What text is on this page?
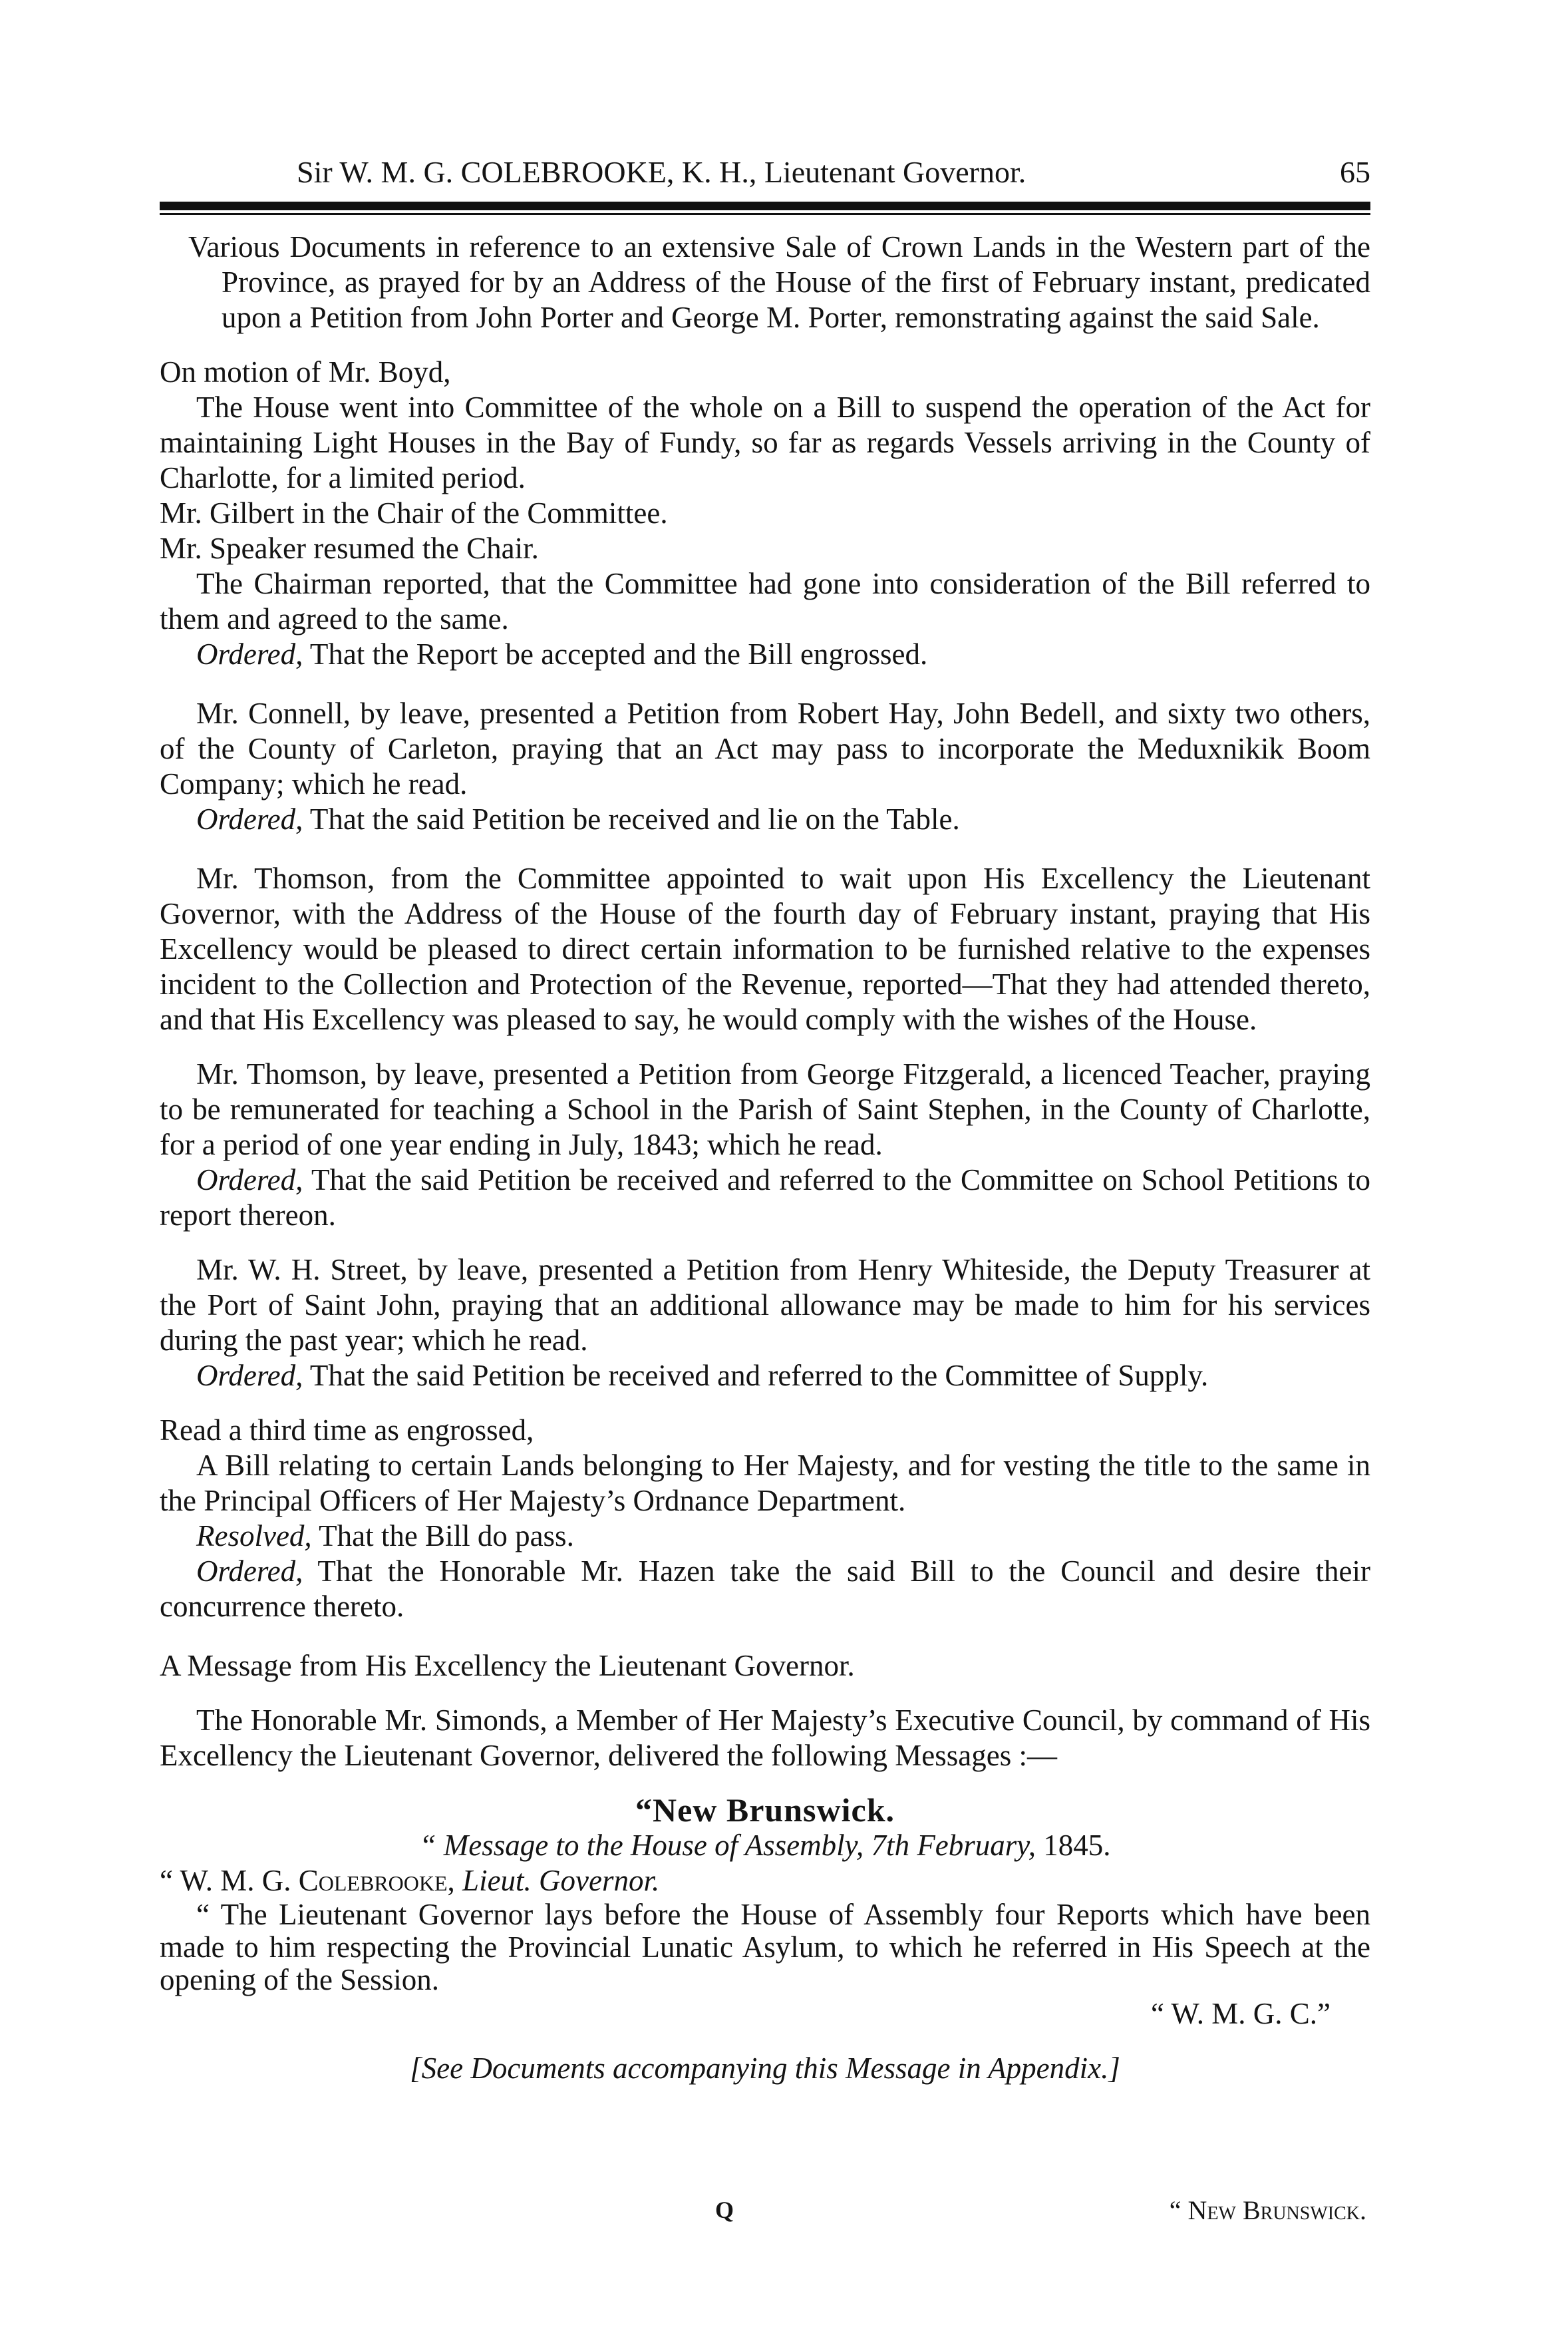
Sir W. M. G. COLEBROOKE, K. H., Lieutenant Governor.	65

Various Documents in reference to an extensive Sale of Crown Lands in the Western part of the Province, as prayed for by an Address of the House of the first of February instant, predicated upon a Petition from John Porter and George M. Porter, remonstrating against the said Sale.

On motion of Mr. Boyd,

The House went into Committee of the whole on a Bill to suspend the operation of the Act for maintaining Light Houses in the Bay of Fundy, so far as regards Vessels arriving in the County of Charlotte, for a limited period.

Mr. Gilbert in the Chair of the Committee.

Mr. Speaker resumed the Chair.

The Chairman reported, that the Committee had gone into consideration of the Bill referred to them and agreed to the same.

Ordered, That the Report be accepted and the Bill engrossed.

Mr. Connell, by leave, presented a Petition from Robert Hay, John Bedell, and sixty two others, of the County of Carleton, praying that an Act may pass to incorporate the Meduxnikik Boom Company; which he read.

Ordered, That the said Petition be received and lie on the Table.

Mr. Thomson, from the Committee appointed to wait upon His Excellency the Lieutenant Governor, with the Address of the House of the fourth day of February instant, praying that His Excellency would be pleased to direct certain information to be furnished relative to the expenses incident to the Collection and Protection of the Revenue, reported—That they had attended thereto, and that His Excellency was pleased to say, he would comply with the wishes of the House.

Mr. Thomson, by leave, presented a Petition from George Fitzgerald, a licenced Teacher, praying to be remunerated for teaching a School in the Parish of Saint Stephen, in the County of Charlotte, for a period of one year ending in July, 1843; which he read.

Ordered, That the said Petition be received and referred to the Committee on School Petitions to report thereon.

Mr. W. H. Street, by leave, presented a Petition from Henry Whiteside, the Deputy Treasurer at the Port of Saint John, praying that an additional allowance may be made to him for his services during the past year; which he read.

Ordered, That the said Petition be received and referred to the Committee of Supply.

Read a third time as engrossed,

A Bill relating to certain Lands belonging to Her Majesty, and for vesting the title to the same in the Principal Officers of Her Majesty’s Ordnance Department.

Resolved, That the Bill do pass.

Ordered, That the Honorable Mr. Hazen take the said Bill to the Council and desire their concurrence thereto.

A Message from His Excellency the Lieutenant Governor.

The Honorable Mr. Simonds, a Member of Her Majesty’s Executive Council, by command of His Excellency the Lieutenant Governor, delivered the following Messages :—

“New Brunswick.

“ Message to the House of Assembly, 7th February, 1845.

“ W. M. G. Colebrooke, Lieut. Governor.

“ The Lieutenant Governor lays before the House of Assembly four Reports which have been made to him respecting the Provincial Lunatic Asylum, to which he referred in His Speech at the opening of the Session.

“ W. M. G. C.”

[See Documents accompanying this Message in Appendix.]

Q	“ New Brunswick.
